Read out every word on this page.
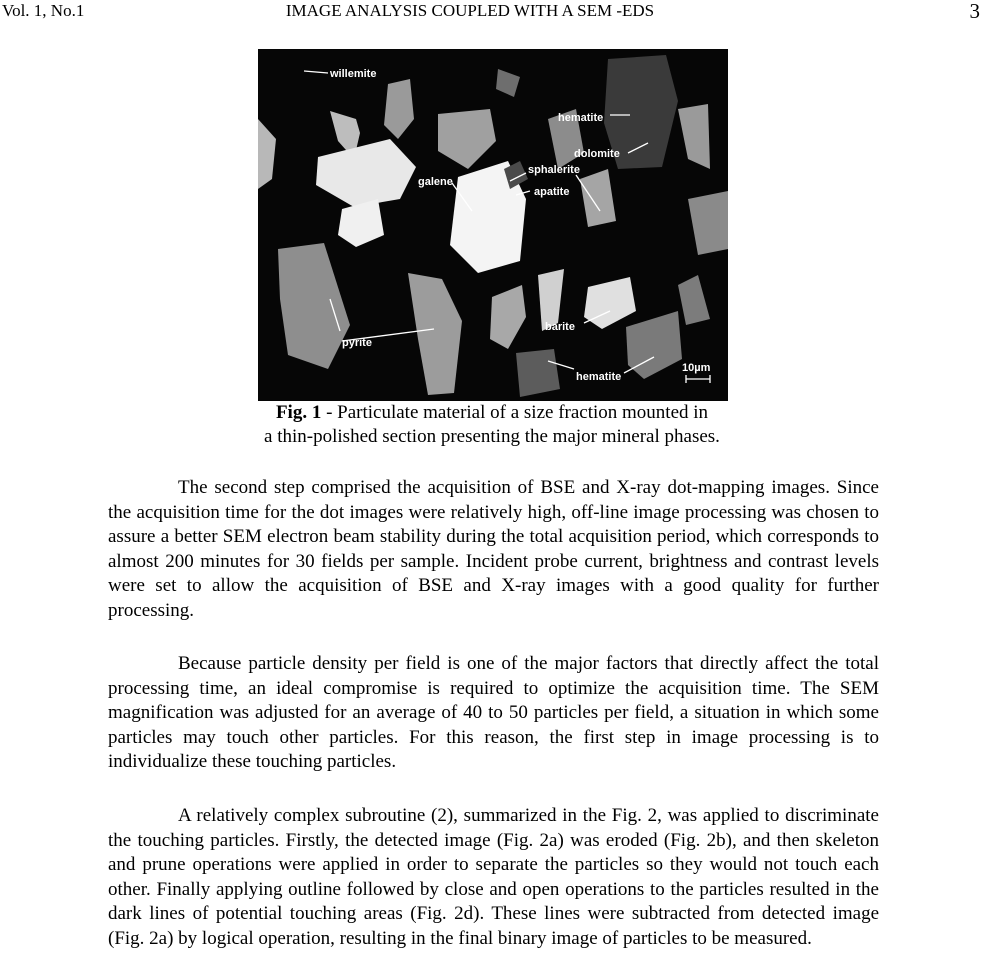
Vol. 1, No.1	IMAGE ANALYSIS COUPLED WITH A SEM -EDS	3
willemite
hematite
dolomite
sphalerite
galene
apatite
barite
pyrite
hematite
10µm
Fig. 1 - Particulate material of a size fraction mounted in
a thin-polished section presenting the major mineral phases.

The second step comprised the acquisition of BSE and X-ray dot-mapping images. Since the acquisition time for the dot images were relatively high, off-line image processing was chosen to assure a better SEM electron beam stability during the total acquisition period, which corresponds to almost 200 minutes for 30 fields per sample. Incident probe current, brightness and contrast levels were set to allow the acquisition of BSE and X-ray images with a good quality for further processing.

Because particle density per field is one of the major factors that directly affect the total processing time, an ideal compromise is required to optimize the acquisition time. The SEM magnification was adjusted for an average of 40 to 50 particles per field, a situation in which some particles may touch other particles. For this reason, the first step in image processing is to individualize these touching particles.

A relatively complex subroutine (2), summarized in the Fig. 2, was applied to discriminate the touching particles. Firstly, the detected image (Fig. 2a) was eroded (Fig. 2b), and then skeleton and prune operations were applied in order to separate the particles so they would not touch each other. Finally applying outline followed by close and open operations to the particles resulted in the dark lines of potential touching areas (Fig. 2d). These lines were subtracted from detected image (Fig. 2a) by logical operation, resulting in the final binary image of particles to be measured.
